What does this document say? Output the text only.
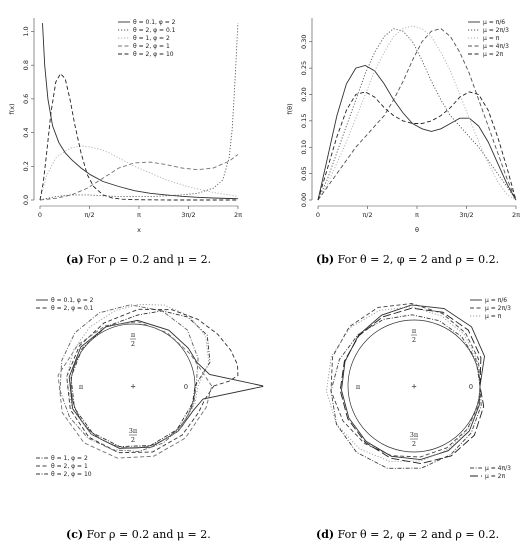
0	π/2	π	3π/2	2π
0.0
0.2
0.4
0.6
0.8
1.0
x
f(x)
θ = 0.1, φ = 2
θ = 2, φ = 0.1
θ = 1, φ = 2
θ = 2, φ = 1
θ = 2, φ = 10
0	π/2	π	3π/2	2π
0.00
0.05
0.10
0.15
0.20
0.25
0.30
θ
f(θ)
μ = π/6
μ = 2π/3
μ = π
μ = 4π/3
μ = 2π
π
2
π	0
3π
2
+
θ = 0.1, φ = 2
θ = 2, φ = 0.1
θ = 1, φ = 2
θ = 2, φ = 1
θ = 2, φ = 10
π
2
π	0
3π
2
+
μ = π/6
μ = 2π/3
μ = π
μ = 4π/3
μ = 2π
(a) For ρ = 0.2 and μ = 2.	(b) For θ = 2, φ = 2 and ρ = 0.2.
(c) For ρ = 0.2 and μ = 2.	(d) For θ = 2, φ = 2 and ρ = 0.2.
